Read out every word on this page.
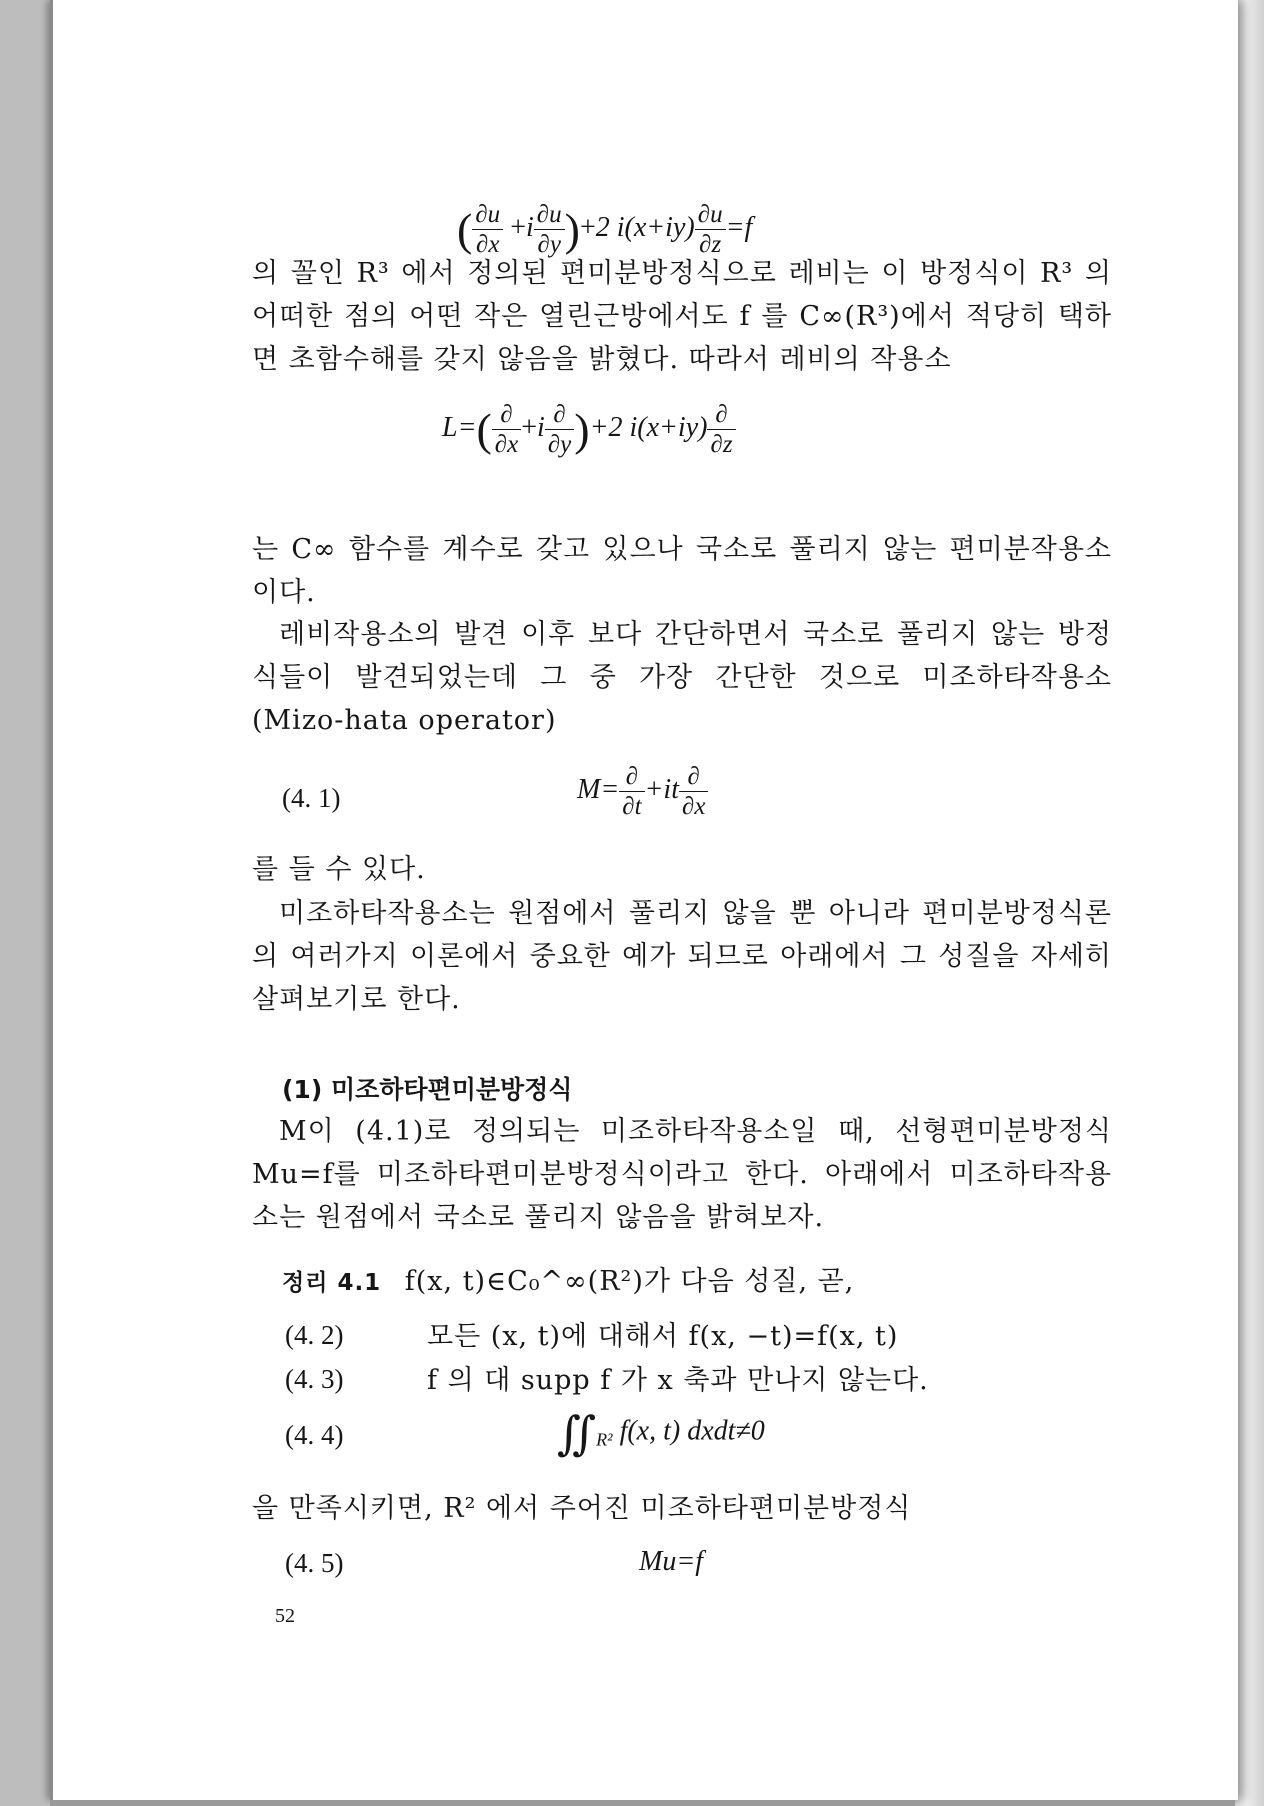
( $\frac{\partial u}{\partial x} +i \frac{\partial u}{\partial y} )+2$ $i(x+iy) \frac{\partial u}{\partial z} =f$
의 꼴인 R³ 에서 정의된 편미분방정식으로 레비는 이 방정식이 R³ 의 어떠한 점의 어떤 작은 열린근방에서도 f 를 C∞(R³)에서 적당히 택하면 초함수해를 갖지 않음을 밝혔다. 따라서 레비의 작용소
$L=( \frac{\partial}{\partial x} +i \frac{\partial}{\partial y} )+2$ $i(x+iy) \frac{\partial}{\partial z}$
는 C∞ 함수를 계수로 갖고 있으나 국소로 풀리지 않는 편미분작용소이다.
레비작용소의 발견 이후 보다 간단하면서 국소로 풀리지 않는 방정식들이 발견되었는데 그 중 가장 간단한 것으로 미조하타작용소(Mizo-hata operator)
(4. 1)	$M= \frac{\partial}{\partial t} +it \frac{\partial}{\partial x}$
를 들 수 있다.
미조하타작용소는 원점에서 풀리지 않을 뿐 아니라 편미분방정식론의 여러가지 이론에서 중요한 예가 되므로 아래에서 그 성질을 자세히 살펴보기로 한다.
(1) 미조하타편미분방정식
M이 (4.1)로 정의되는 미조하타작용소일 때, 선형편미분방정식 Mu=f를 미조하타편미분방정식이라고 한다. 아래에서 미조하타작용소는 원점에서 국소로 풀리지 않음을 밝혀보자.
정리 4.1 f(x, t)∈C₀^∞(R²)가 다음 성질, 곧,
(4. 2)	모든 (x, t)에 대해서 f(x, −t)=f(x, t)
(4. 3)	f 의 대 supp f 가 x 축과 만나지 않는다.
(4. 4)	$∬_{R^2}$ f(x, t) dxdt≠0
을 만족시키면, R² 에서 주어진 미조하타편미분방정식
(4. 5)	Mu=f
52
